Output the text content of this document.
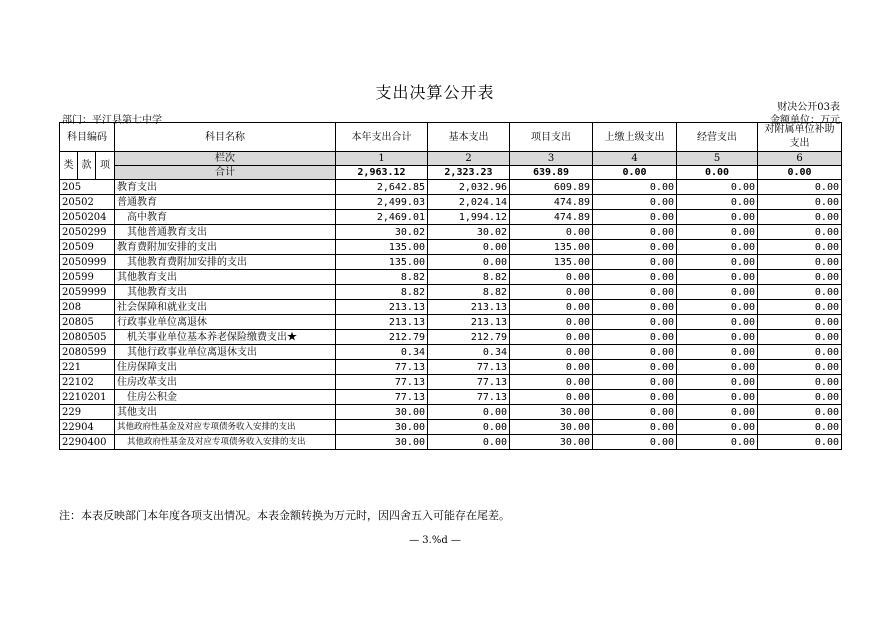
支出决算公开表
财决公开03表
部门：平江县第七中学	金额单位：万元
科目编码			科目名称	本年支出合计	基本支出	项目支出	上缴上级支出	经营支出	对附属单位补助支出
类	款	项	栏次	1	2	3	4	5	6
			合计	2,963.12	2,323.23	639.89	0.00	0.00	0.00
205			教育支出	2,642.85	2,032.96	609.89	0.00	0.00	0.00
20502			普通教育	2,499.03	2,024.14	474.89	0.00	0.00	0.00
2050204			高中教育	2,469.01	1,994.12	474.89	0.00	0.00	0.00
2050299			其他普通教育支出	30.02	30.02	0.00	0.00	0.00	0.00
20509			教育费附加安排的支出	135.00	0.00	135.00	0.00	0.00	0.00
2050999			其他教育费附加安排的支出	135.00	0.00	135.00	0.00	0.00	0.00
20599			其他教育支出	8.82	8.82	0.00	0.00	0.00	0.00
2059999			其他教育支出	8.82	8.82	0.00	0.00	0.00	0.00
208			社会保障和就业支出	213.13	213.13	0.00	0.00	0.00	0.00
20805			行政事业单位离退休	213.13	213.13	0.00	0.00	0.00	0.00
2080505			机关事业单位基本养老保险缴费支出★	212.79	212.79	0.00	0.00	0.00	0.00
2080599			其他行政事业单位离退休支出	0.34	0.34	0.00	0.00	0.00	0.00
221			住房保障支出	77.13	77.13	0.00	0.00	0.00	0.00
22102			住房改革支出	77.13	77.13	0.00	0.00	0.00	0.00
2210201			住房公积金	77.13	77.13	0.00	0.00	0.00	0.00
229			其他支出	30.00	0.00	30.00	0.00	0.00	0.00
22904			其他政府性基金及对应专项债务收入安排的支出	30.00	0.00	30.00	0.00	0.00	0.00
2290400			其他政府性基金及对应专项债务收入安排的支出	30.00	0.00	30.00	0.00	0.00	0.00
注：本表反映部门本年度各项支出情况。本表金额转换为万元时，因四舍五入可能存在尾差。
— 3.%d —
